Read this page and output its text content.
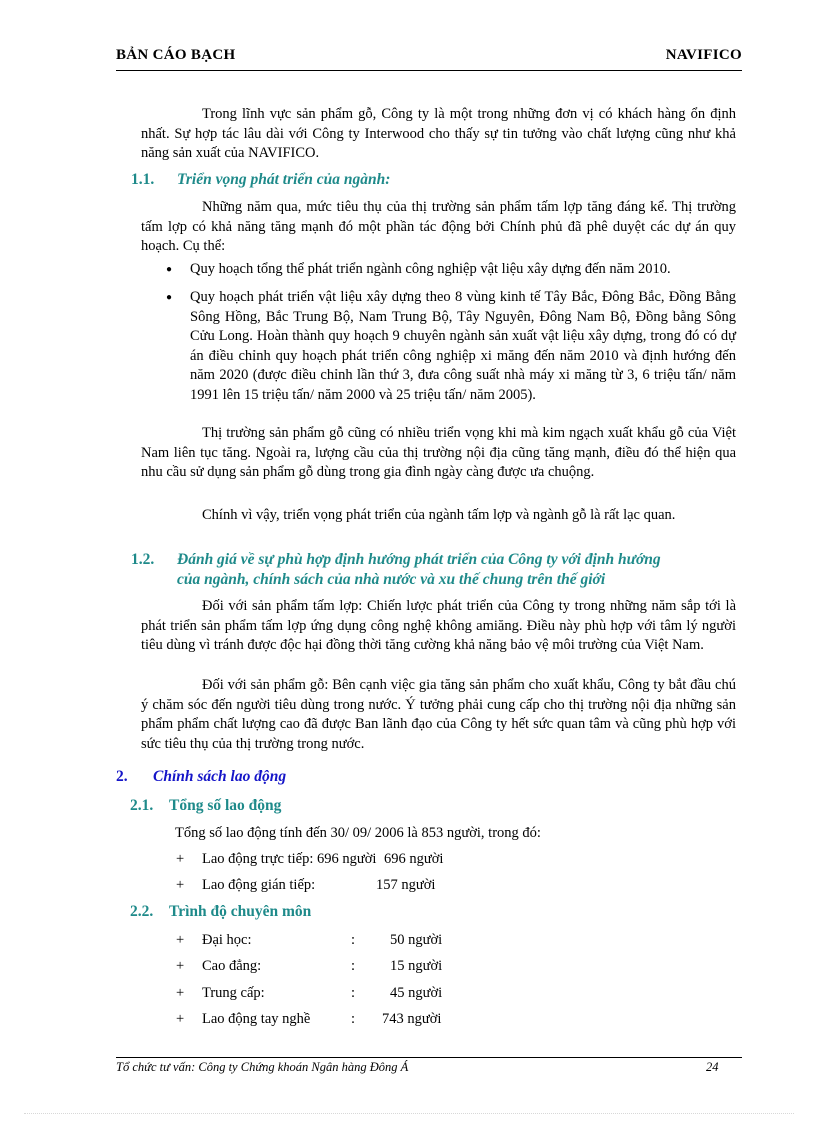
BẢN CÁO BẠCH	NAVIFICO
Trong lĩnh vực sản phẩm gỗ, Công ty là một trong những đơn vị có khách hàng ổn định nhất. Sự hợp tác lâu dài với Công ty Interwood cho thấy sự tin tưởng vào chất lượng cũng như khả năng sản xuất của NAVIFICO.
1.1. Triển vọng phát triển của ngành:
Những năm qua, mức tiêu thụ của thị trường sản phẩm tấm lợp tăng đáng kể. Thị trường tấm lợp có khả năng tăng mạnh đó một phần tác động bởi Chính phủ đã phê duyệt các dự án quy hoạch. Cụ thể:
● Quy hoạch tổng thể phát triển ngành công nghiệp vật liệu xây dựng đến năm 2010.
● Quy hoạch phát triển vật liệu xây dựng theo 8 vùng kinh tế Tây Bắc, Đông Bắc, Đồng Bằng Sông Hồng, Bắc Trung Bộ, Nam Trung Bộ, Tây Nguyên, Đông Nam Bộ, Đồng bằng Sông Cửu Long. Hoàn thành quy hoạch 9 chuyên ngành sản xuất vật liệu xây dựng, trong đó có dự án điều chỉnh quy hoạch phát triển công nghiệp xi măng đến năm 2010 và định hướng đến năm 2020 (được điều chỉnh lần thứ 3, đưa công suất nhà máy xi măng từ 3, 6 triệu tấn/ năm 1991 lên 15 triệu tấn/ năm 2000 và 25 triệu tấn/ năm 2005).
Thị trường sản phẩm gỗ cũng có nhiều triển vọng khi mà kim ngạch xuất khẩu gỗ của Việt Nam liên tục tăng. Ngoài ra, lượng cầu của thị trường nội địa cũng tăng mạnh, điều đó thể hiện qua nhu cầu sử dụng sản phẩm gỗ dùng trong gia đình ngày càng được ưa chuộng.
Chính vì vậy, triển vọng phát triển của ngành tấm lợp và ngành gỗ là rất lạc quan.
1.2. Đánh giá về sự phù hợp định hướng phát triển của Công ty với định hướng
của ngành, chính sách của nhà nước và xu thế chung trên thế giới
Đối với sản phẩm tấm lợp: Chiến lược phát triển của Công ty trong những năm sắp tới là phát triển sản phẩm tấm lợp ứng dụng công nghệ không amiăng. Điều này phù hợp với tâm lý người tiêu dùng vì tránh được độc hại đồng thời tăng cường khả năng bảo vệ môi trường của Việt Nam.
Đối với sản phẩm gỗ: Bên cạnh việc gia tăng sản phẩm cho xuất khẩu, Công ty bắt đầu chú ý chăm sóc đến người tiêu dùng trong nước. Ý tưởng phải cung cấp cho thị trường nội địa những sản phẩm phẩm chất lượng cao đã được Ban lãnh đạo của Công ty hết sức quan tâm và cũng phù hợp với sức tiêu thụ của thị trường trong nước.
2. Chính sách lao động
2.1. Tổng số lao động
Tổng số lao động tính đến 30/ 09/ 2006 là 853 người, trong đó:
+ Lao động trực tiếp: 696 người 696 người
+ Lao động gián tiếp:	157 người
2.2. Trình độ chuyên môn
+ Đại học:	: 50 người
+ Cao đẳng:	: 15 người
+ Trung cấp:	: 45 người
+ Lao động tay nghề	: 743 người
Tổ chức tư vấn: Công ty Chứng khoán Ngân hàng Đông Á	24
